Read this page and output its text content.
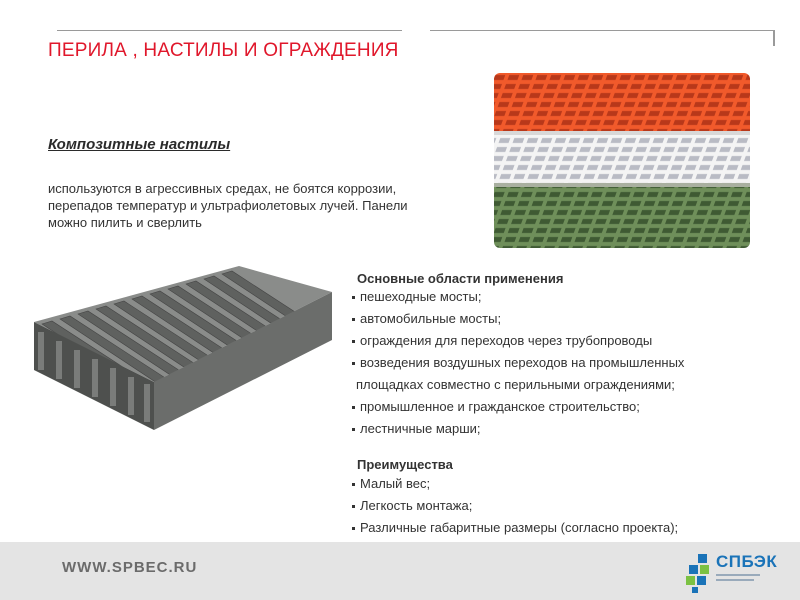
ПЕРИЛА , НАСТИЛЫ И ОГРАЖДЕНИЯ
Композитные настилы
используются в агрессивных средах, не боятся коррозии, перепадов температур и ультрафиолетовых лучей. Панели можно пилить и сверлить
Основные области применения
пешеходные мосты;
автомобильные мосты;
ограждения для переходов через трубопроводы
возведения воздушных переходов на промышленных
площадках совместно с перильными ограждениями;
промышленное и гражданское строительство;
лестничные марши;
Преимущества
Малый вес;
Легкость монтажа;
Различные габаритные размеры (согласно проекта);
WWW.SPBEC.RU	СПБЭК
